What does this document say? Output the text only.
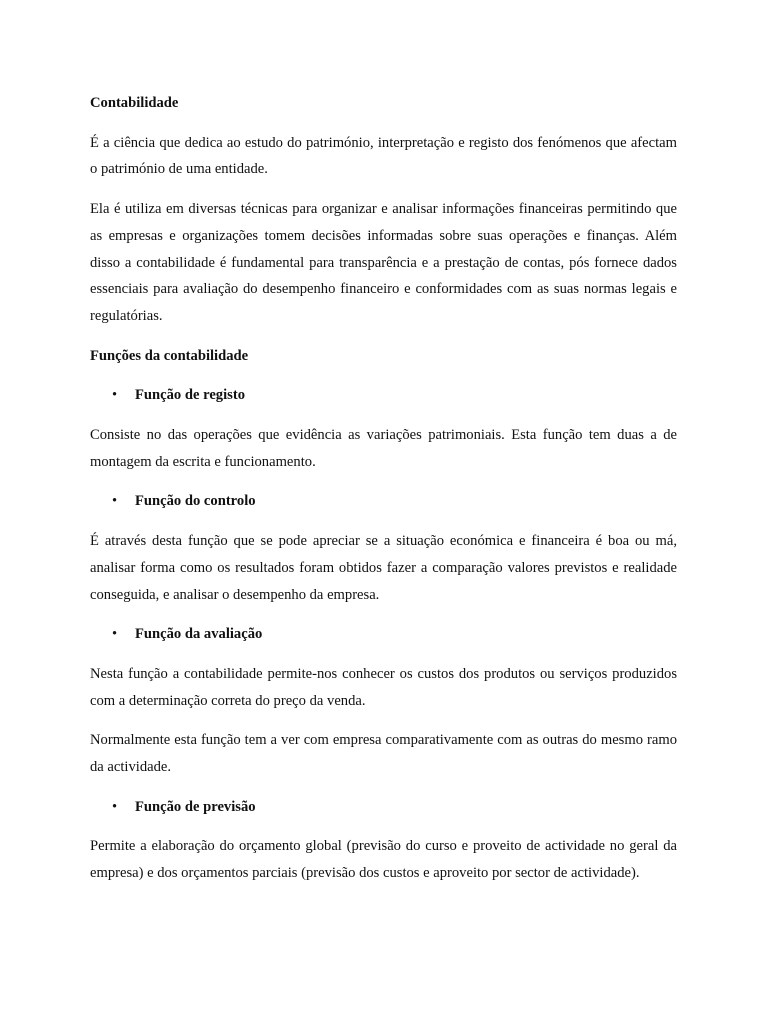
Contabilidade

É a ciência que dedica ao estudo do património, interpretação e registo dos fenómenos que afectam o património de uma entidade.

Ela é utiliza em diversas técnicas para organizar e analisar informações financeiras permitindo que as empresas e organizações tomem decisões informadas sobre suas operações e finanças. Além disso a contabilidade é fundamental para transparência e a prestação de contas, pós fornece dados essenciais para avaliação do desempenho financeiro e conformidades com as suas normas legais e regulatórias.

Funções da contabilidade
• Função de registo

Consiste no das operações que evidência as variações patrimoniais. Esta função tem duas a de montagem da escrita e funcionamento.

• Função do controlo

É através desta função que se pode apreciar se a situação económica e financeira é boa ou má, analisar forma como os resultados foram obtidos fazer a comparação valores previstos e realidade conseguida, e analisar o desempenho da empresa.

• Função da avaliação

Nesta função a contabilidade permite-nos conhecer os custos dos produtos ou serviços produzidos com a determinação correta do preço da venda.

Normalmente esta função tem a ver com empresa comparativamente com as outras do mesmo ramo da actividade.

• Função de previsão

Permite a elaboração do orçamento global (previsão do curso e proveito de actividade no geral da empresa) e dos orçamentos parciais (previsão dos custos e aproveito por sector de actividade).
